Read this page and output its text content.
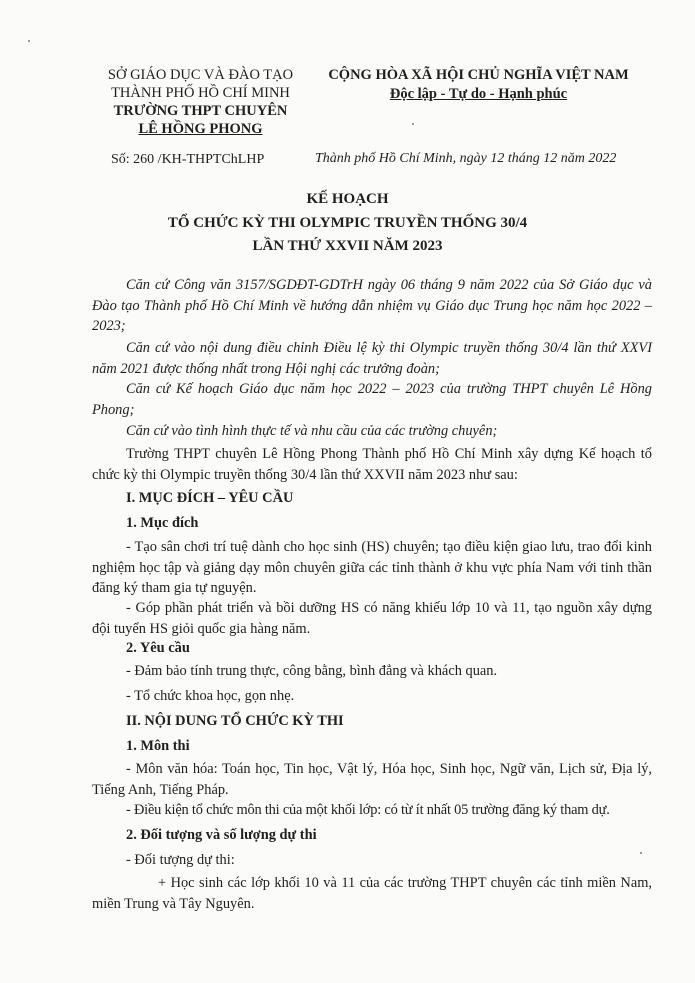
SỞ GIÁO DỤC VÀ ĐÀO TẠO
THÀNH PHỐ HỒ CHÍ MINH
TRƯỜNG THPT CHUYÊN
LÊ HỒNG PHONG
CỘNG HÒA XÃ HỘI CHỦ NGHĨA VIỆT NAM
Độc lập - Tự do - Hạnh phúc
Số: 260 /KH-THPTChLHP	Thành phố Hồ Chí Minh, ngày 12 tháng 12 năm 2022
KẾ HOẠCH
TỔ CHỨC KỲ THI OLYMPIC TRUYỀN THỐNG 30/4
LẦN THỨ XXVII NĂM 2023
Căn cứ Công văn 3157/SGDĐT-GDTrH ngày 06 tháng 9 năm 2022 của Sở Giáo dục và Đào tạo Thành phố Hồ Chí Minh về hướng dẫn nhiệm vụ Giáo dục Trung học năm học 2022 – 2023;
Căn cứ vào nội dung điều chỉnh Điều lệ kỳ thi Olympic truyền thống 30/4 lần thứ XXVI năm 2021 được thống nhất trong Hội nghị các trưởng đoàn;
Căn cứ Kế hoạch Giáo dục năm học 2022 – 2023 của trường THPT chuyên Lê Hồng Phong;
Căn cứ vào tình hình thực tế và nhu cầu của các trường chuyên;
Trường THPT chuyên Lê Hồng Phong Thành phố Hồ Chí Minh xây dựng Kế hoạch tổ chức kỳ thi Olympic truyền thống 30/4 lần thứ XXVII năm 2023 như sau:
I. MỤC ĐÍCH – YÊU CẦU
1. Mục đích
- Tạo sân chơi trí tuệ dành cho học sinh (HS) chuyên; tạo điều kiện giao lưu, trao đổi kinh nghiệm học tập và giảng dạy môn chuyên giữa các tỉnh thành ở khu vực phía Nam với tinh thần đăng ký tham gia tự nguyện.
- Góp phần phát triển và bồi dưỡng HS có năng khiếu lớp 10 và 11, tạo nguồn xây dựng đội tuyển HS giỏi quốc gia hàng năm.
2. Yêu cầu
- Đảm bảo tính trung thực, công bằng, bình đẳng và khách quan.
- Tổ chức khoa học, gọn nhẹ.
II. NỘI DUNG TỔ CHỨC KỲ THI
1. Môn thi
- Môn văn hóa: Toán học, Tin học, Vật lý, Hóa học, Sinh học, Ngữ văn, Lịch sử, Địa lý, Tiếng Anh, Tiếng Pháp.
- Điều kiện tổ chức môn thi của một khối lớp: có từ ít nhất 05 trường đăng ký tham dự.
2. Đối tượng và số lượng dự thi
- Đối tượng dự thi:
+ Học sinh các lớp khối 10 và 11 của các trường THPT chuyên các tỉnh miền Nam, miền Trung và Tây Nguyên.
